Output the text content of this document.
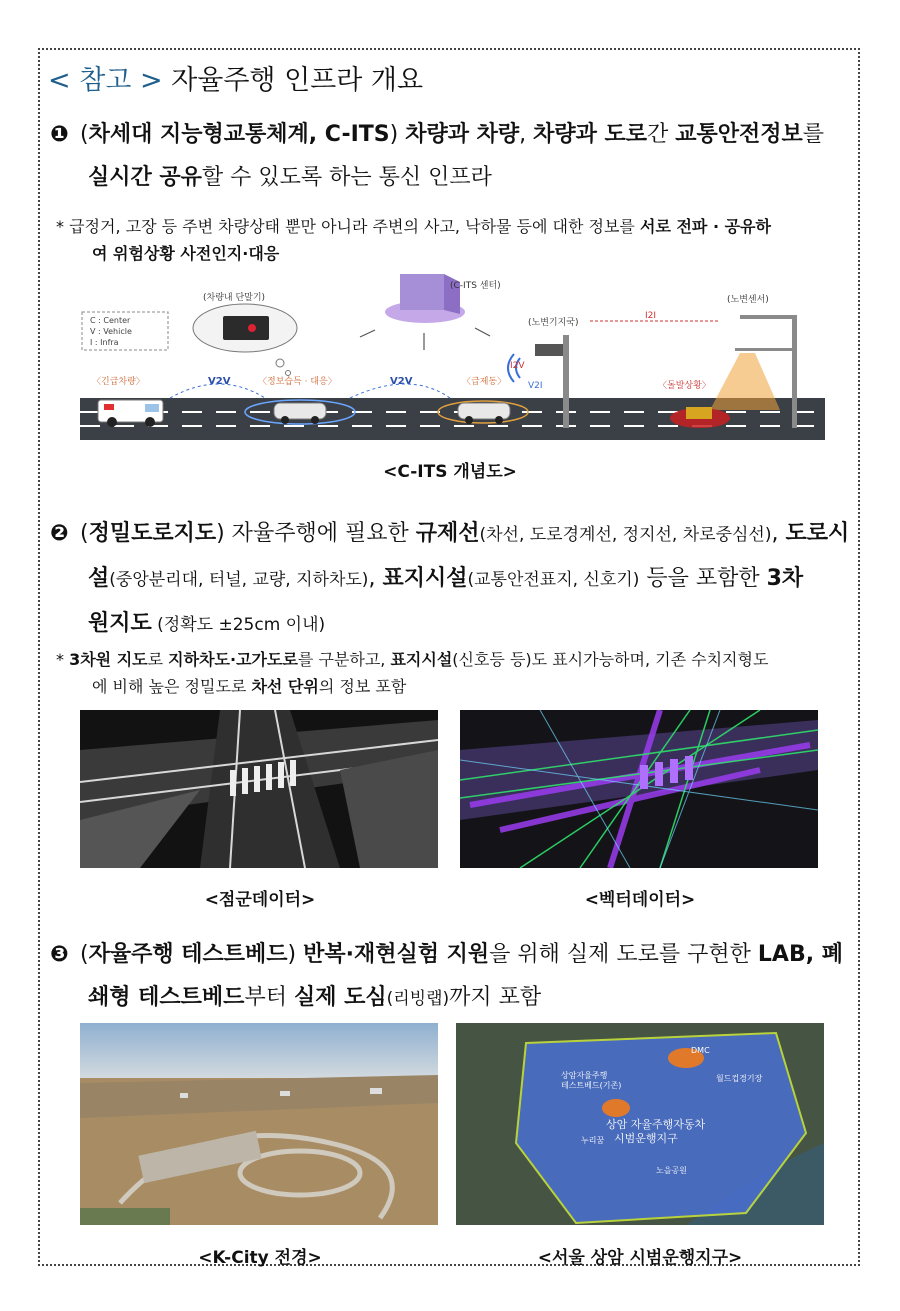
< 참고 > 자율주행 인프라 개요
❶ (차세대 지능형교통체계, C-ITS) 차량과 차량, 차량과 도로간 교통안전정보를
실시간 공유할 수 있도록 하는 통신 인프라
* 급정거, 고장 등 주변 차량상태 뿐만 아니라 주변의 사고, 낙하물 등에 대한 정보를 서로 전파 · 공유하
여 위험상황 사전인지·대응
C : Center
V : Vehicle
I : Infra
(차량내 단말기)
(C-ITS 센터)
(노변기지국)
I2V
V2I
I2I
(노변센서)
〈돌발상황〉
〈긴급차량〉	V2V	〈정보습득 · 대응〉	V2V	〈급제동〉
<C-ITS 개념도>
❷ (정밀도로지도) 자율주행에 필요한 규제선(차선, 도로경계선, 정지선, 차로중심선), 도로시
설(중앙분리대, 터널, 교량, 지하차도), 표지시설(교통안전표지, 신호기) 등을 포함한 3차
원지도 (정확도 ±25cm 이내)
* 3차원 지도로 지하차도·고가도로를 구분하고, 표지시설(신호등 등)도 표시가능하며, 기존 수치지형도
에 비해 높은 정밀도로 차선 단위의 정보 포함
<점군데이터>	<벡터데이터>
❸ (자율주행 테스트베드) 반복·재현실험 지원을 위해 실제 도로를 구현한 LAB, 폐
쇄형 테스트베드부터 실제 도심(리빙랩)까지 포함
DMC
월드컵경기장
누리꿈
노을공원
상암자율주행 테스트베드(기존)
상암 자율주행자동차 시범운행지구
<K-City 전경>	<서울 상암 시범운행지구>
